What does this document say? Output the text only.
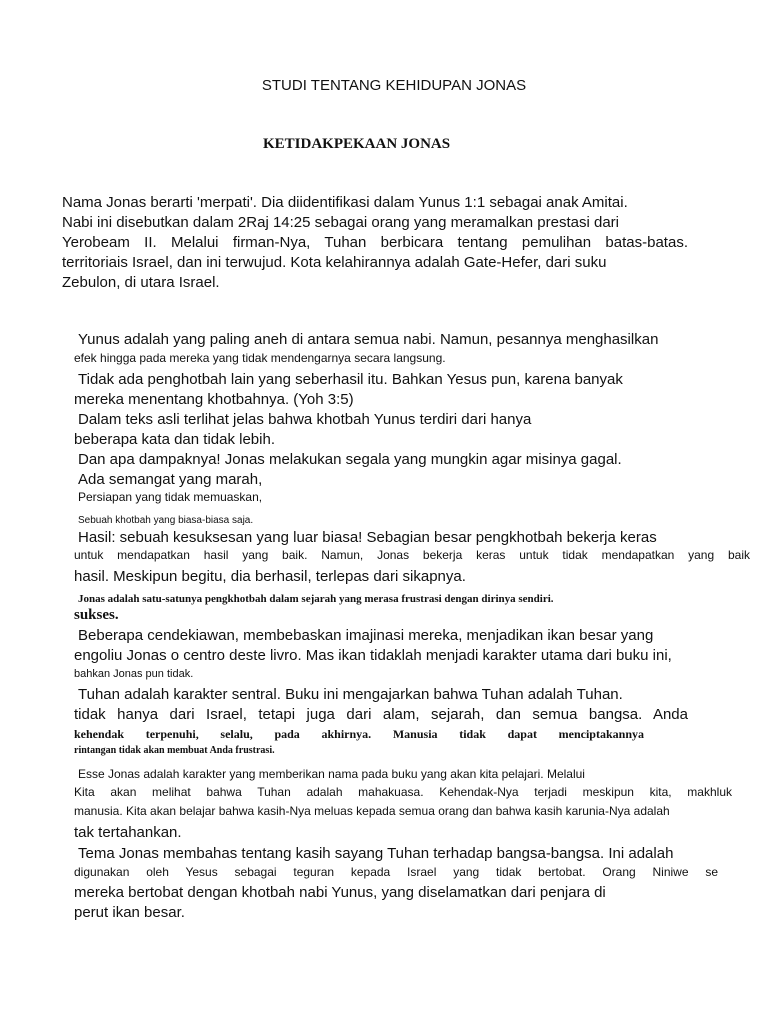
STUDI TENTANG KEHIDUPAN JONAS
KETIDAKPEKAAN JONAS
Nama Jonas berarti 'merpati'. Dia diidentifikasi dalam Yunus 1:1 sebagai anak Amitai.
Nabi ini disebutkan dalam 2Raj 14:25 sebagai orang yang meramalkan prestasi dari
Yerobeam II. Melalui firman-Nya, Tuhan berbicara tentang pemulihan batas-batas.
territoriais Israel, dan ini terwujud. Kota kelahirannya adalah Gate-Hefer, dari suku
Zebulon, di utara Israel.
Yunus adalah yang paling aneh di antara semua nabi. Namun, pesannya menghasilkan
efek hingga pada mereka yang tidak mendengarnya secara langsung.
Tidak ada penghotbah lain yang seberhasil itu. Bahkan Yesus pun, karena banyak
mereka menentang khotbahnya. (Yoh 3:5)
Dalam teks asli terlihat jelas bahwa khotbah Yunus terdiri dari hanya
beberapa kata dan tidak lebih.
Dan apa dampaknya! Jonas melakukan segala yang mungkin agar misinya gagal.
Ada semangat yang marah,
Persiapan yang tidak memuaskan,
Sebuah khotbah yang biasa-biasa saja.
Hasil: sebuah kesuksesan yang luar biasa! Sebagian besar pengkhotbah bekerja keras
untuk mendapatkan hasil yang baik. Namun, Jonas bekerja keras untuk tidak mendapatkan yang baik
hasil. Meskipun begitu, dia berhasil, terlepas dari sikapnya.
Jonas adalah satu-satunya pengkhotbah dalam sejarah yang merasa frustrasi dengan dirinya sendiri.
sukses.
Beberapa cendekiawan, membebaskan imajinasi mereka, menjadikan ikan besar yang
engoliu Jonas o centro deste livro. Mas ikan tidaklah menjadi karakter utama dari buku ini,
bahkan Jonas pun tidak.
Tuhan adalah karakter sentral. Buku ini mengajarkan bahwa Tuhan adalah Tuhan.
tidak hanya dari Israel, tetapi juga dari alam, sejarah, dan semua bangsa. Anda
kehendak terpenuhi, selalu, pada akhirnya. Manusia tidak dapat menciptakannya
rintangan tidak akan membuat Anda frustrasi.
Esse Jonas adalah karakter yang memberikan nama pada buku yang akan kita pelajari. Melalui
Kita akan melihat bahwa Tuhan adalah mahakuasa. Kehendak-Nya terjadi meskipun kita, makhluk
manusia. Kita akan belajar bahwa kasih-Nya meluas kepada semua orang dan bahwa kasih karunia-Nya adalah
tak tertahankan.
Tema Jonas membahas tentang kasih sayang Tuhan terhadap bangsa-bangsa. Ini adalah
digunakan oleh Yesus sebagai teguran kepada Israel yang tidak bertobat. Orang Niniwe se
mereka bertobat dengan khotbah nabi Yunus, yang diselamatkan dari penjara di
perut ikan besar.
